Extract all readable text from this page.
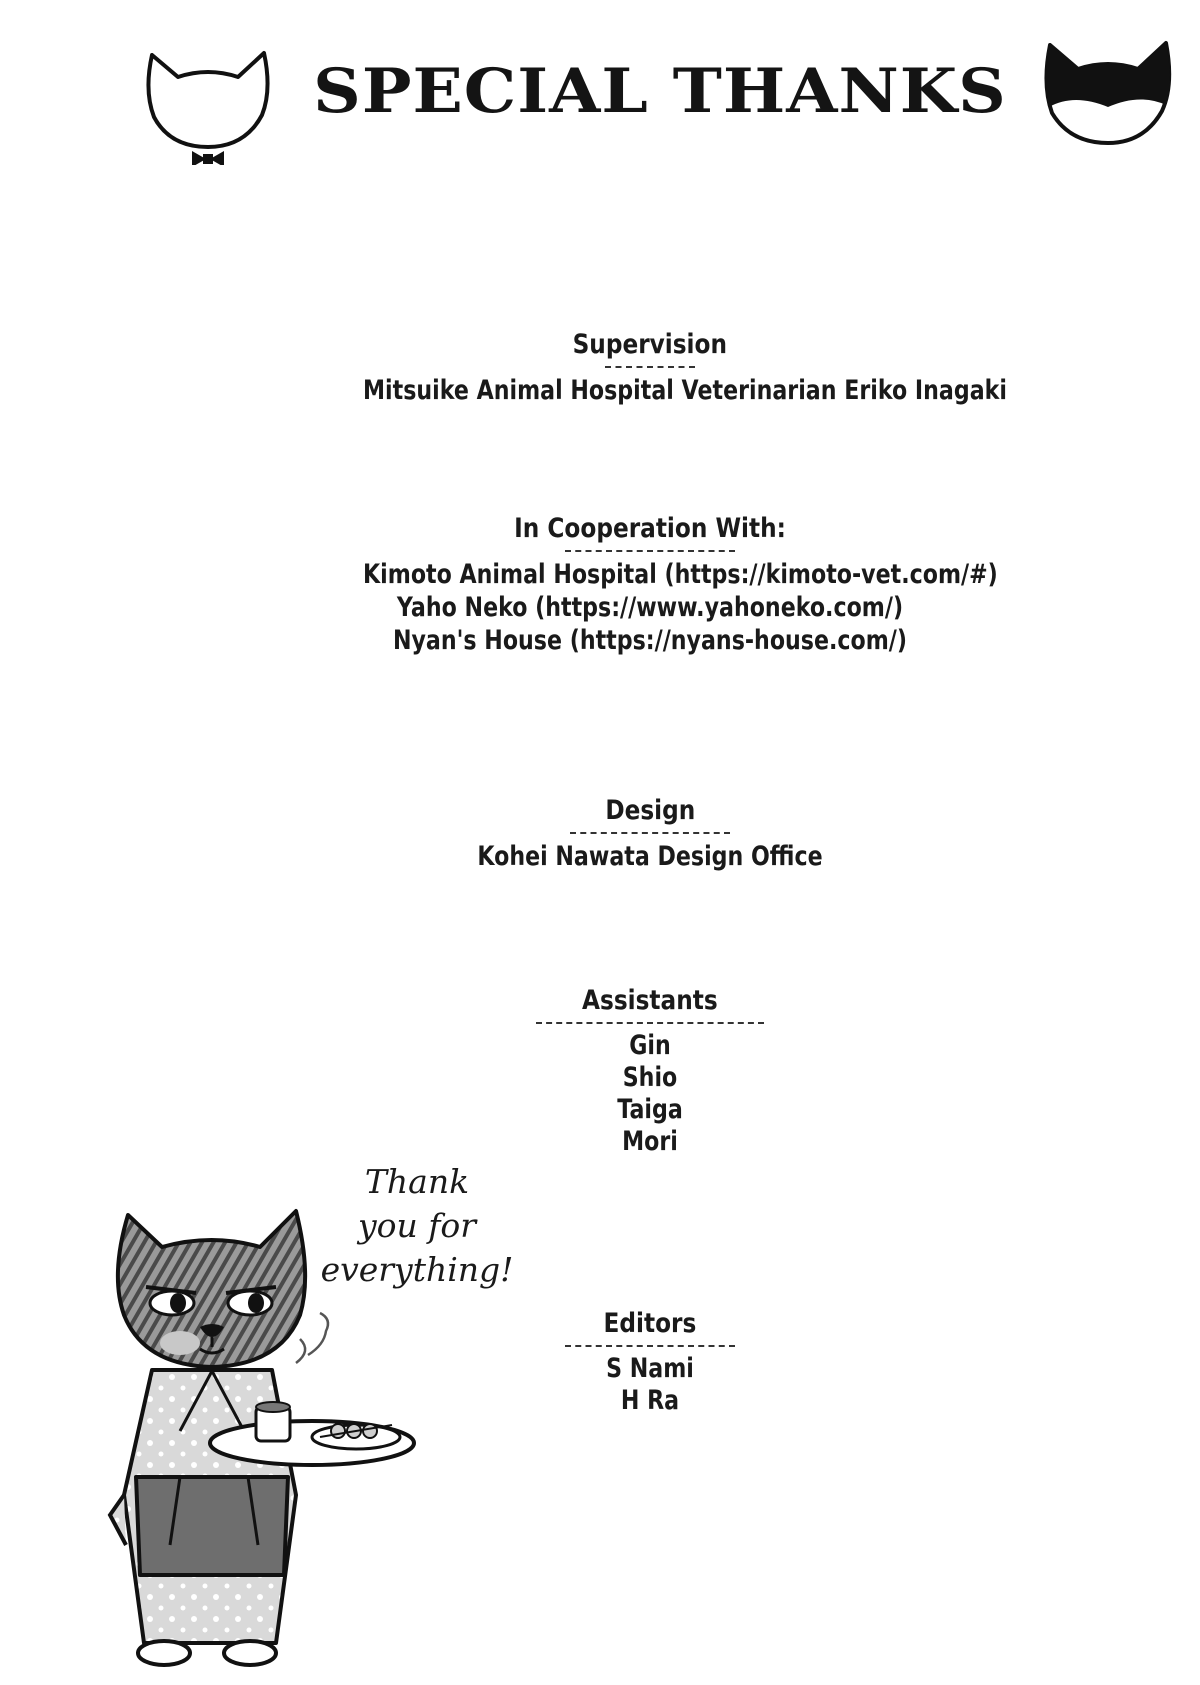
SPECIAL THANKS
Supervision
Mitsuike Animal Hospital Veterinarian Eriko Inagaki
In Cooperation With:
Kimoto Animal Hospital (https://kimoto-vet.com/#)
Yaho Neko (https://www.yahoneko.com/)
Nyan's House (https://nyans-house.com/)
Design
Kohei Nawata Design Office
Assistants
Gin
Shio
Taiga
Mori
Editors
S Nami
H Ra
Thank
you for
everything!
